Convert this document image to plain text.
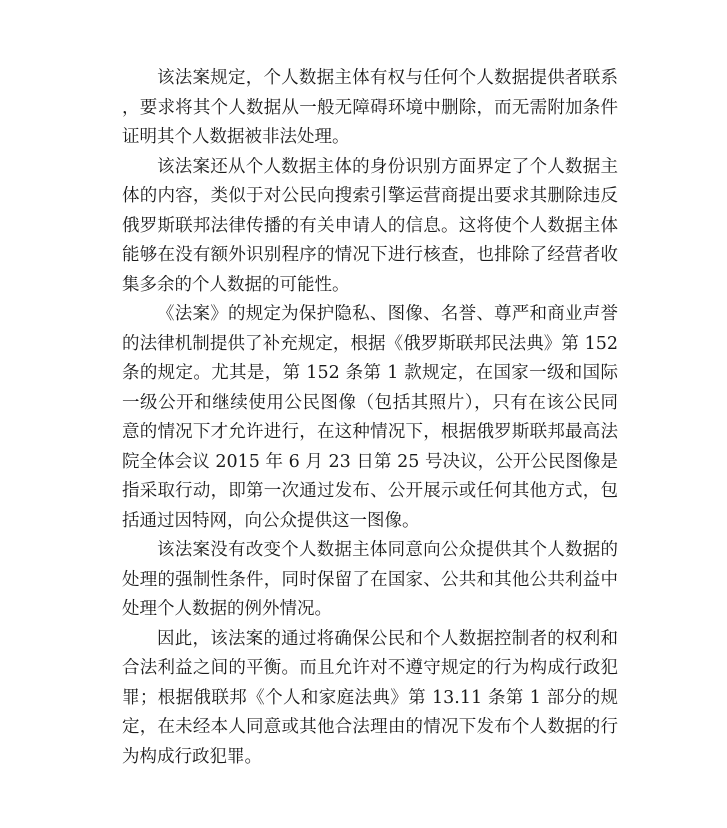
该法案规定，个人数据主体有权与任何个人数据提供者联系，要求将其个人数据从一般无障碍环境中删除，而无需附加条件证明其个人数据被非法处理。

该法案还从个人数据主体的身份识别方面界定了个人数据主体的内容，类似于对公民向搜索引擎运营商提出要求其删除违反俄罗斯联邦法律传播的有关申请人的信息。这将使个人数据主体能够在没有额外识别程序的情况下进行核查，也排除了经营者收集多余的个人数据的可能性。

《法案》的规定为保护隐私、图像、名誉、尊严和商业声誉的法律机制提供了补充规定，根据《俄罗斯联邦民法典》第 152 条的规定。尤其是，第 152 条第 1 款规定，在国家一级和国际一级公开和继续使用公民图像（包括其照片），只有在该公民同意的情况下才允许进行，在这种情况下，根据俄罗斯联邦最高法院全体会议 2015 年 6 月 23 日第 25 号决议，公开公民图像是指采取行动，即第一次通过发布、公开展示或任何其他方式，包括通过因特网，向公众提供这一图像。

该法案没有改变个人数据主体同意向公众提供其个人数据的处理的强制性条件，同时保留了在国家、公共和其他公共利益中处理个人数据的例外情况。

因此，该法案的通过将确保公民和个人数据控制者的权利和合法利益之间的平衡。而且允许对不遵守规定的行为构成行政犯罪；根据俄联邦《个人和家庭法典》第 13.11 条第 1 部分的规定，在未经本人同意或其他合法理由的情况下发布个人数据的行为构成行政犯罪。
